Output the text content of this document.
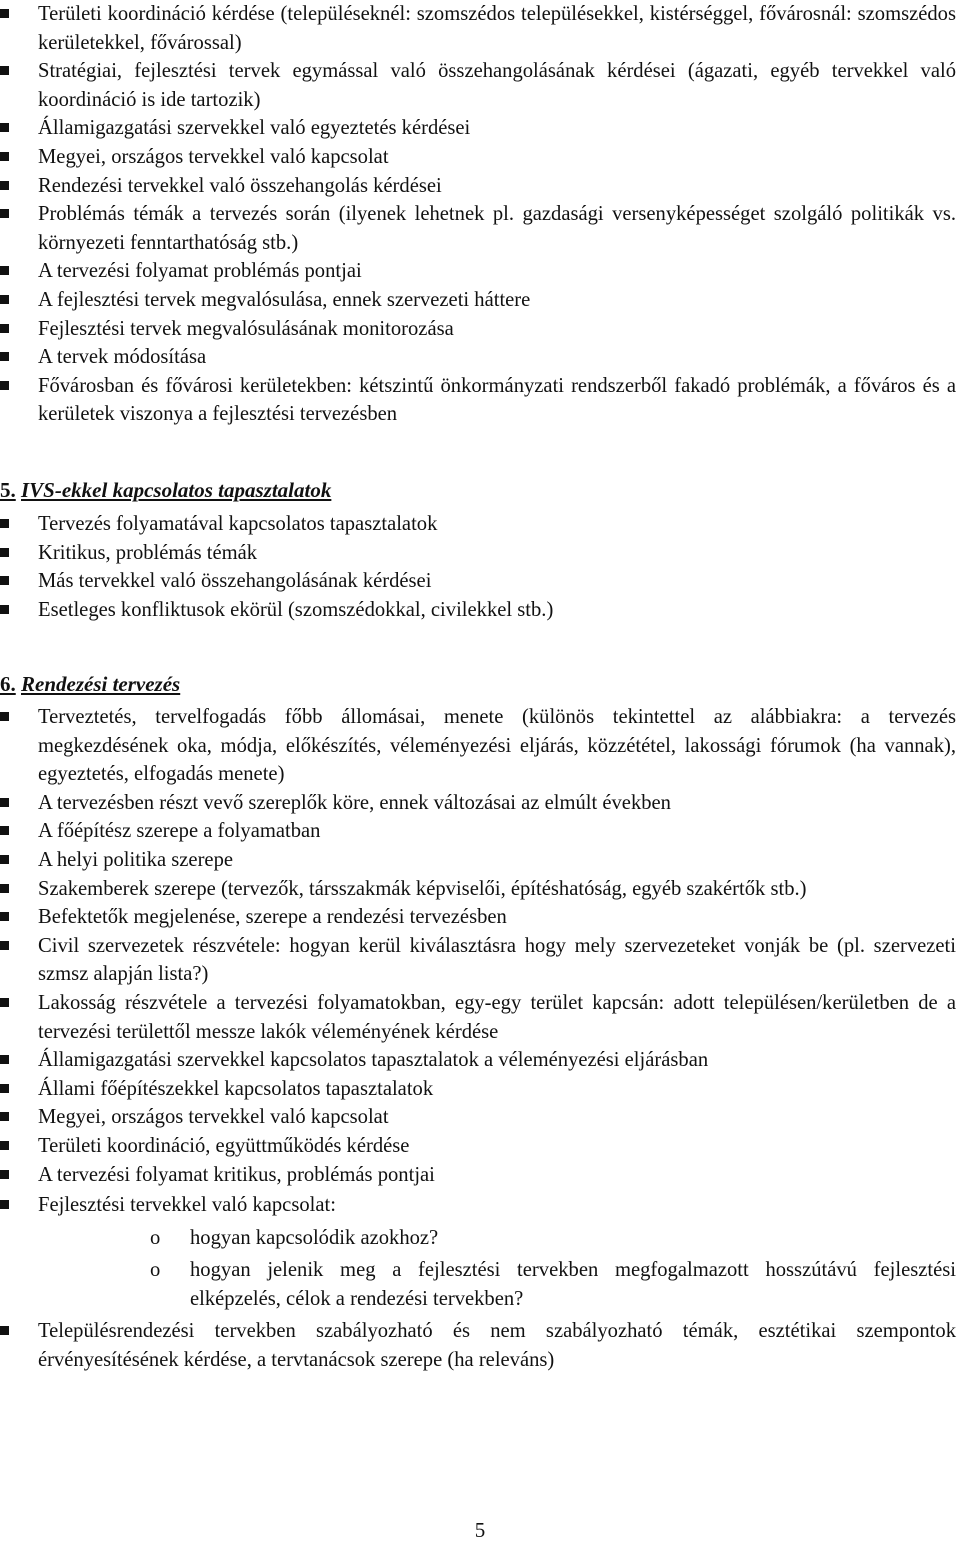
Területi koordináció kérdése (településeknél: szomszédos településekkel, kistérséggel, fővárosnál: szomszédos kerületekkel, fővárossal)
Stratégiai, fejlesztési tervek egymással való összehangolásának kérdései (ágazati, egyéb tervekkel való koordináció is ide tartozik)
Államigazgatási szervekkel való egyeztetés kérdései
Megyei, országos tervekkel való kapcsolat
Rendezési tervekkel való összehangolás kérdései
Problémás témák a tervezés során (ilyenek lehetnek pl. gazdasági versenyképességet szolgáló politikák vs. környezeti fenntarthatóság stb.)
A tervezési folyamat problémás pontjai
A fejlesztési tervek megvalósulása, ennek szervezeti háttere
Fejlesztési tervek megvalósulásának monitorozása
A tervek módosítása
Fővárosban és fővárosi kerületekben: kétszintű önkormányzati rendszerből fakadó problémák, a főváros és a kerületek viszonya a fejlesztési tervezésben
5. IVS-ekkel kapcsolatos tapasztalatok
Tervezés folyamatával kapcsolatos tapasztalatok
Kritikus, problémás témák
Más tervekkel való összehangolásának kérdései
Esetleges konfliktusok ekörül (szomszédokkal, civilekkel stb.)
6. Rendezési tervezés
Terveztetés, tervelfogadás főbb állomásai, menete (különös tekintettel az alábbiakra: a tervezés megkezdésének oka, módja, előkészítés, véleményezési eljárás, közzététel, lakossági fórumok (ha vannak), egyeztetés, elfogadás menete)
A tervezésben részt vevő szereplők köre, ennek változásai az elmúlt években
A főépítész szerepe a folyamatban
A helyi politika szerepe
Szakemberek szerepe (tervezők, társszakmák képviselői, építéshatóság, egyéb szakértők stb.)
Befektetők megjelenése, szerepe a rendezési tervezésben
Civil szervezetek részvétele: hogyan kerül kiválasztásra hogy mely szervezeteket vonják be (pl. szervezeti szmsz alapján lista?)
Lakosság részvétele a tervezési folyamatokban, egy-egy terület kapcsán: adott településen/kerületben de a tervezési területtől messze lakók véleményének kérdése
Államigazgatási szervekkel kapcsolatos tapasztalatok a véleményezési eljárásban
Állami főépítészekkel kapcsolatos tapasztalatok
Megyei, országos tervekkel való kapcsolat
Területi koordináció, együttműködés kérdése
A tervezési folyamat kritikus, problémás pontjai
Fejlesztési tervekkel való kapcsolat:
o hogyan kapcsolódik azokhoz?
o hogyan jelenik meg a fejlesztési tervekben megfogalmazott hosszútávú fejlesztési elképzelés, célok a rendezési tervekben?
Településrendezési tervekben szabályozható és nem szabályozható témák, esztétikai szempontok érvényesítésének kérdése, a tervtanácsok szerepe (ha releváns)
5
